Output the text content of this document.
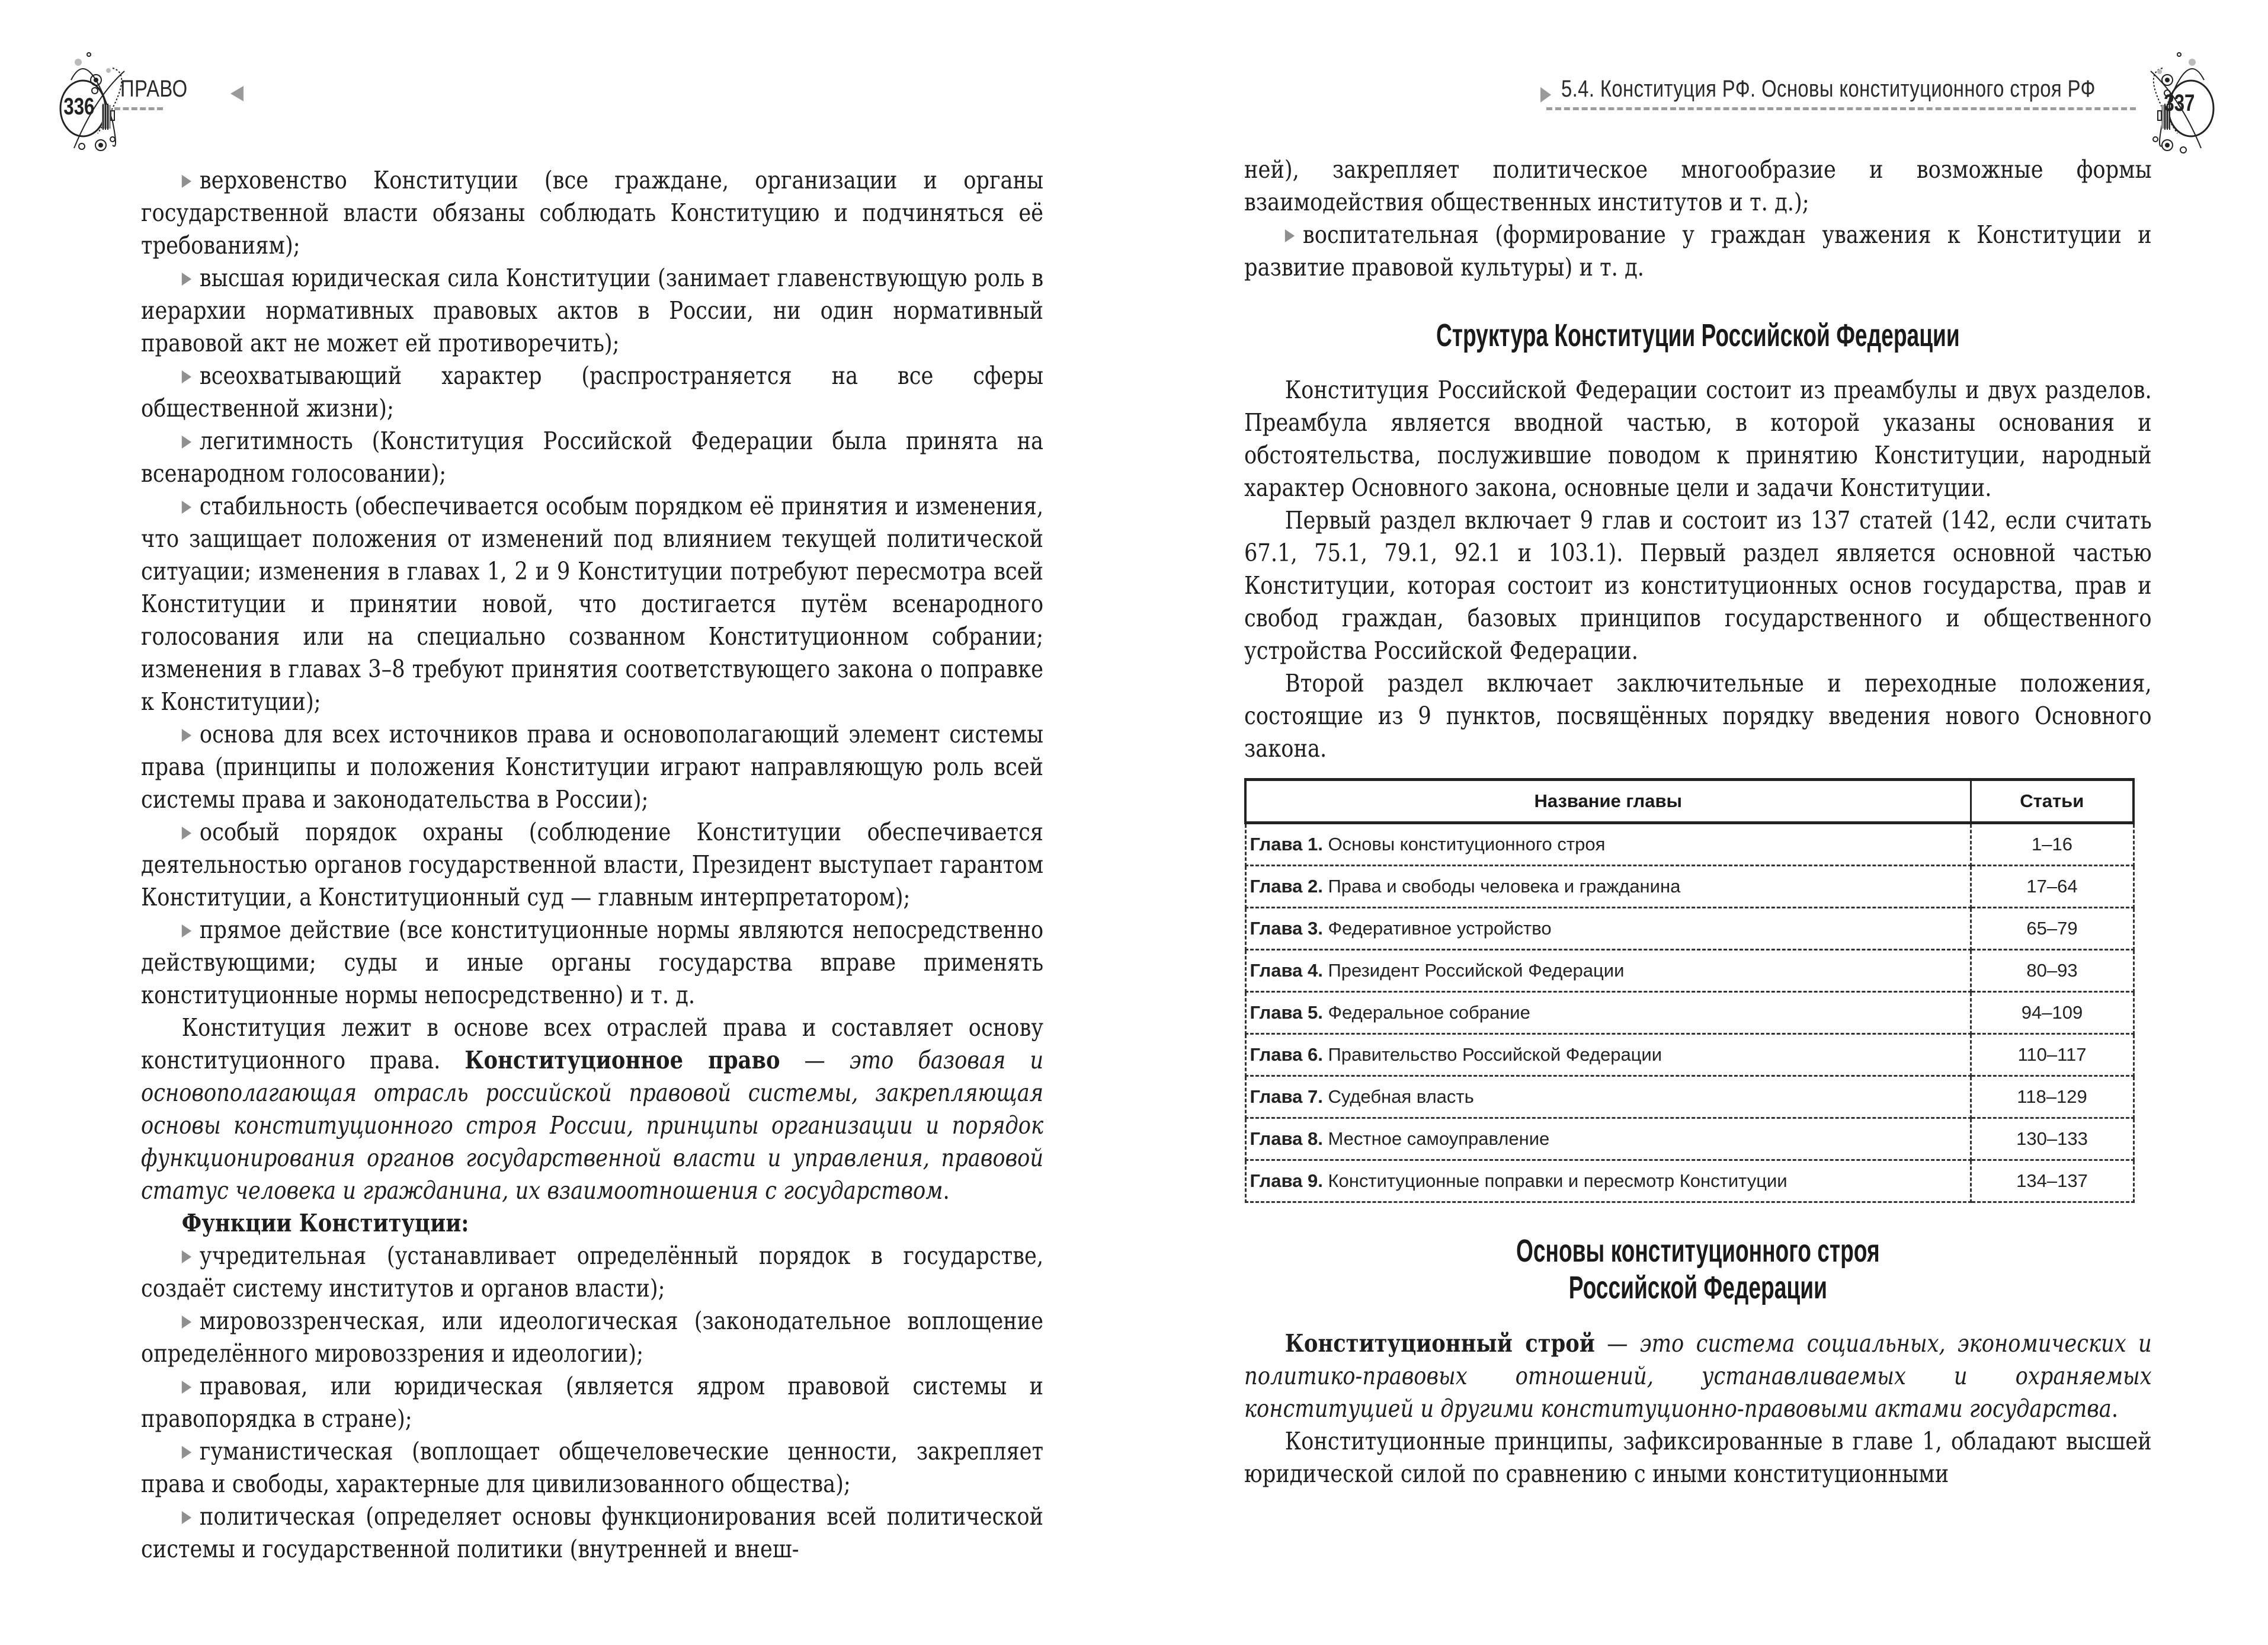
336
ПРАВО

верховенство Конституции (все граждане, организации и органы государственной власти обязаны соблюдать Конституцию и подчиняться её требованиям);

высшая юридическая сила Конституции (занимает главенствующую роль в иерархии нормативных правовых актов в России, ни один нормативный правовой акт не может ей противоречить);

всеохватывающий характер (распространяется на все сферы общественной жизни);

легитимность (Конституция Российской Федерации была принята на всенародном голосовании);

стабильность (обеспечивается особым порядком её принятия и изменения, что защищает положения от изменений под влиянием текущей политической ситуации; изменения в главах 1, 2 и 9 Конституции потребуют пересмотра всей Конституции и принятии новой, что достигается путём всенародного голосования или на специально созванном Конституционном собрании; изменения в главах 3–8 требуют принятия соответствующего закона о поправке к Конституции);

основа для всех источников права и основополагающий элемент системы права (принципы и положения Конституции играют направляющую роль всей системы права и законодательства в России);

особый порядок охраны (соблюдение Конституции обеспечивается деятельностью органов государственной власти, Президент выступает гарантом Конституции, а Конституционный суд — главным интерпретатором);

прямое действие (все конституционные нормы являются непосредственно действующими; суды и иные органы государства вправе применять конституционные нормы непосредственно) и т. д.

Конституция лежит в основе всех отраслей права и составляет основу конституционного права. Конституционное право — это базовая и основополагающая отрасль российской правовой системы, закрепляющая основы конституционного строя России, принципы организации и порядок функционирования органов государственной власти и управления, правовой статус человека и гражданина, их взаимоотношения с государством.

Функции Конституции:

учредительная (устанавливает определённый порядок в государстве, создаёт систему институтов и органов власти);

мировоззренческая, или идеологическая (законодательное воплощение определённого мировоззрения и идеологии);

правовая, или юридическая (является ядром правовой системы и правопорядка в стране);

гуманистическая (воплощает общечеловеческие ценности, закрепляет права и свободы, характерные для цивилизованного общества);

политическая (определяет основы функционирования всей политической системы и государственной политики (внутренней и внеш-

5.4. Конституция РФ. Основы конституционного строя РФ
337

ней), закрепляет политическое многообразие и возможные формы взаимодействия общественных институтов и т. д.);

воспитательная (формирование у граждан уважения к Конституции и развитие правовой культуры) и т. д.

Структура Конституции Российской Федерации

Конституция Российской Федерации состоит из преамбулы и двух разделов. Преамбула является вводной частью, в которой указаны основания и обстоятельства, послужившие поводом к принятию Конституции, народный характер Основного закона, основные цели и задачи Конституции.

Первый раздел включает 9 глав и состоит из 137 статей (142, если считать 67.1, 75.1, 79.1, 92.1 и 103.1). Первый раздел является основной частью Конституции, которая состоит из конституционных основ государства, прав и свобод граждан, базовых принципов государственного и общественного устройства Российской Федерации.

Второй раздел включает заключительные и переходные положения, состоящие из 9 пунктов, посвящённых порядку введения нового Основного закона.

Название главы	Статьи
Глава 1. Основы конституционного строя	1–16
Глава 2. Права и свободы человека и гражданина	17–64
Глава 3. Федеративное устройство	65–79
Глава 4. Президент Российской Федерации	80–93
Глава 5. Федеральное собрание	94–109
Глава 6. Правительство Российской Федерации	110–117
Глава 7. Судебная власть	118–129
Глава 8. Местное самоуправление	130–133
Глава 9. Конституционные поправки и пересмотр Конституции	134–137
Основы конституционного строя
Российской Федерации

Конституционный строй — это система социальных, экономических и политико-правовых отношений, устанавливаемых и охраняемых конституцией и другими конституционно-правовыми актами государства.

Конституционные принципы, зафиксированные в главе 1, обладают высшей юридической силой по сравнению с иными конституционными
